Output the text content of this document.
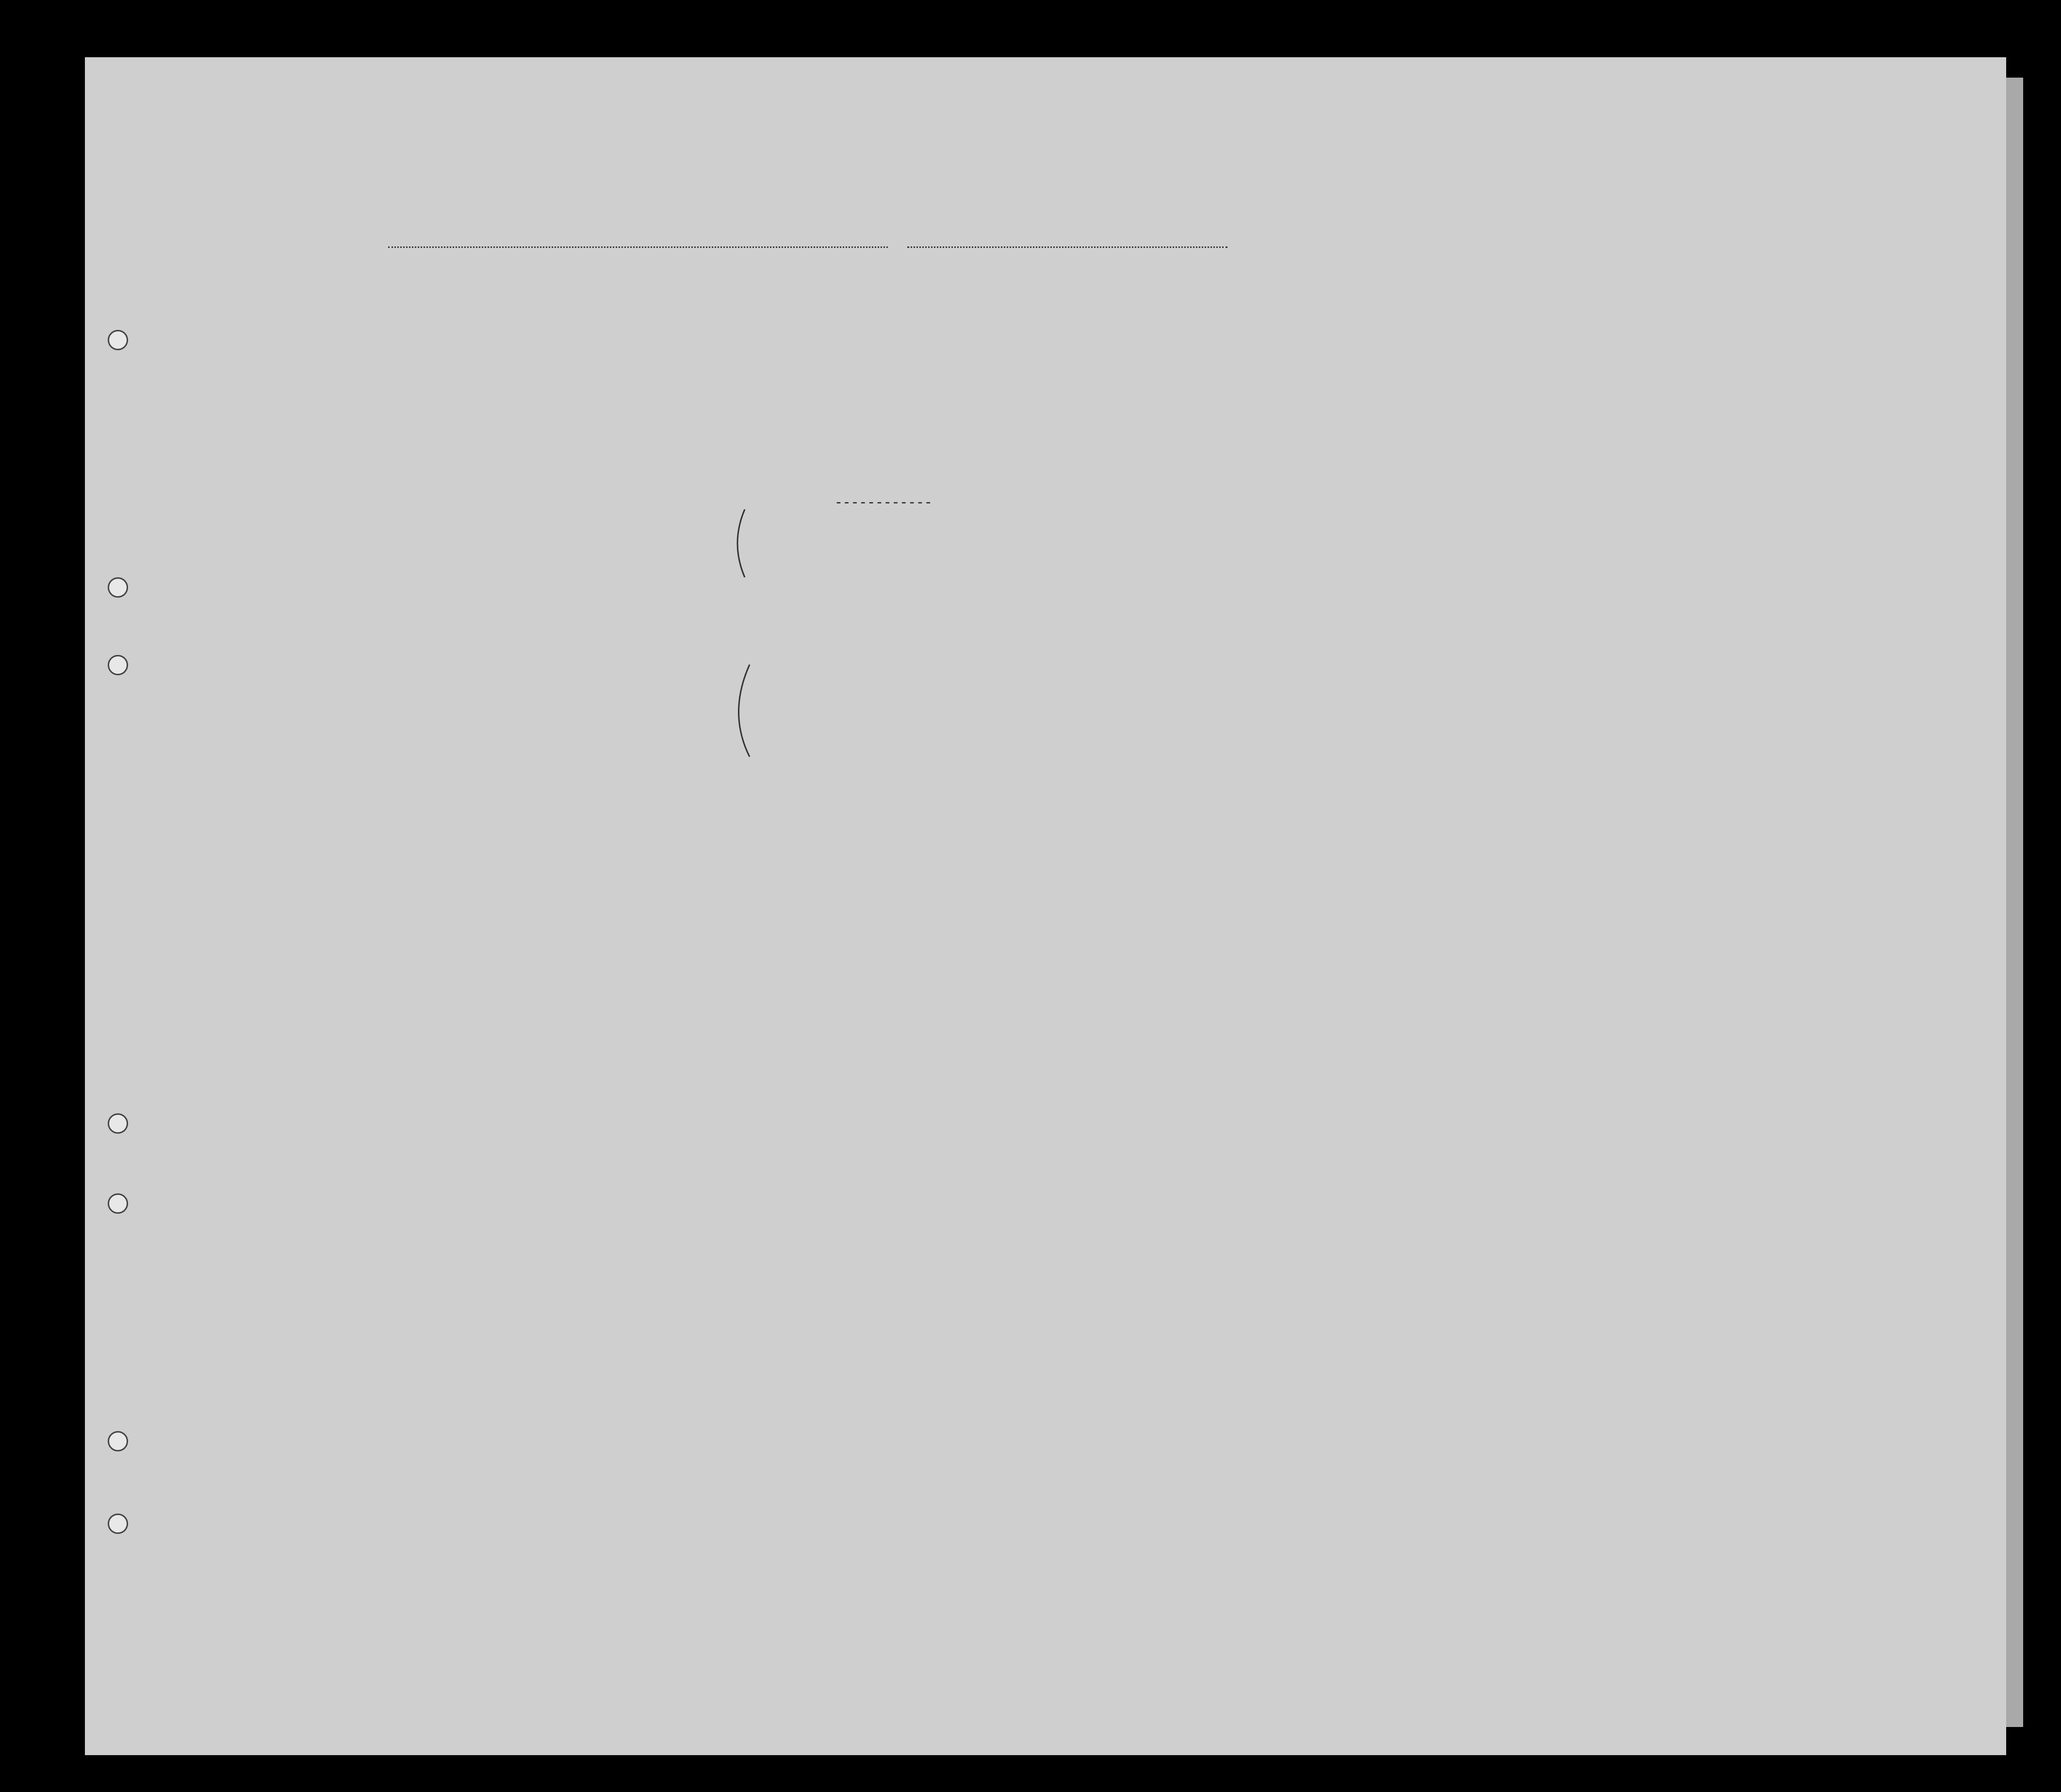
------------
